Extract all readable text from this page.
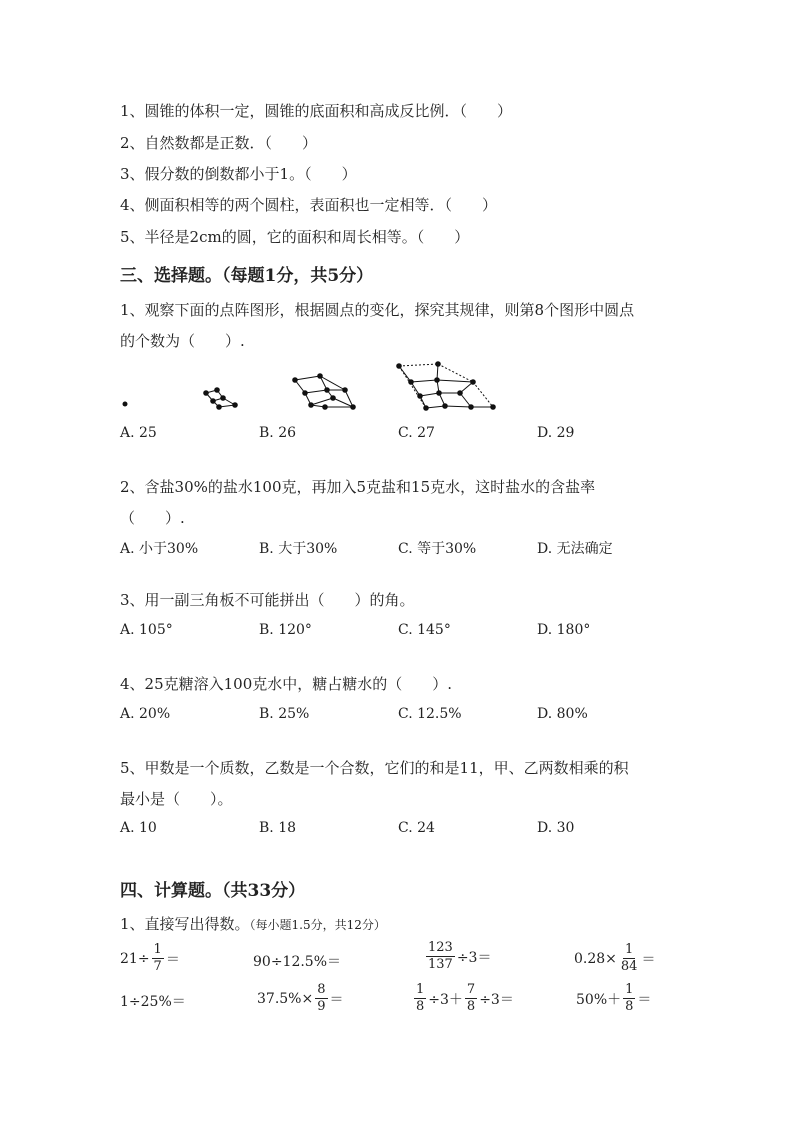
1、圆锥的体积一定，圆锥的底面积和高成反比例．（　　）
2、自然数都是正数．（　　）
3、假分数的倒数都小于1。（　　）
4、侧面积相等的两个圆柱，表面积也一定相等．（　　）
5、半径是2cm的圆，它的面积和周长相等。（　　）
三、选择题。（每题1分，共5分）
1、观察下面的点阵图形，根据圆点的变化，探究其规律，则第8个图形中圆点
的个数为（　　）.
A. 25	B. 26	C. 27	D. 29
2、含盐30%的盐水100克，再加入5克盐和15克水，这时盐水的含盐率
（　　）.
A. 小于30%	B. 大于30%	C. 等于30%	D. 无法确定
3、用一副三角板不可能拼出（　　）的角。
A. 105°	B. 120°	C. 145°	D. 180°
4、25克糖溶入100克水中，糖占糖水的（　　）.
A. 20%	B. 25%	C. 12.5%	D. 80%
5、甲数是一个质数，乙数是一个合数，它们的和是11，甲、乙两数相乘的积
最小是（　　）。
A. 10	B. 18	C. 24	D. 30
四、计算题。（共33分）
1、直接写出得数。（每小题1.5分，共12分）
$21\div \frac{1}{7}$ ＝	90÷12.5%＝	$\frac{123}{137} \div 3=$	$0.28\times \frac{1}{84}$ ＝
1÷25%＝	$37.5\%\times \frac{8}{9}$ ＝	$\frac{1}{8} \div 3+ \frac{7}{8} \div 3=$	$50\%+ \frac{1}{8}$ ＝
